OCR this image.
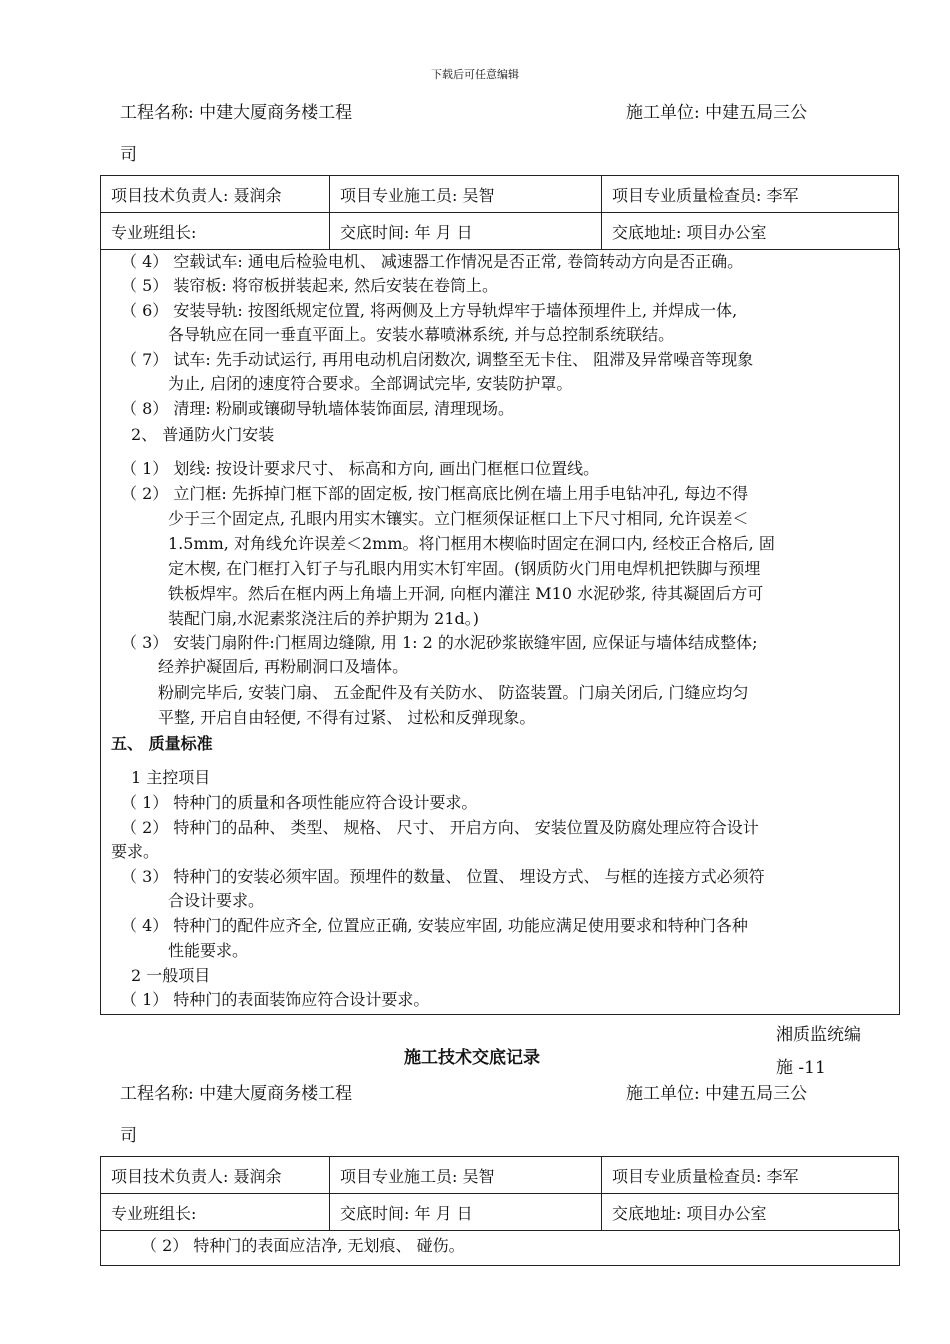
下载后可任意编辑
工程名称: 中建大厦商务楼工程	施工单位: 中建五局三公
司
项目技术负责人: 聂润余	项目专业施工员: 吴智	项目专业质量检查员: 李军
专业班组长:	交底时间: 年 月 日	交底地址: 项目办公室
（ 4） 空载试车: 通电后检验电机、 减速器工作情况是否正常, 卷筒转动方向是否正确。
（ 5） 装帘板: 将帘板拼装起来, 然后安装在卷筒上。
（ 6） 安装导轨: 按图纸规定位置, 将两侧及上方导轨焊牢于墙体预埋件上, 并焊成一体,
各导轨应在同一垂直平面上。安装水幕喷淋系统, 并与总控制系统联结。
（ 7） 试车: 先手动试运行, 再用电动机启闭数次, 调整至无卡住、 阻滞及异常噪音等现象
为止, 启闭的速度符合要求。全部调试完毕, 安装防护罩。
（ 8） 清理: 粉刷或镶砌导轨墙体装饰面层, 清理现场。
2、 普通防火门安装
（ 1） 划线: 按设计要求尺寸、 标高和方向, 画出门框框口位置线。
（ 2） 立门框: 先拆掉门框下部的固定板, 按门框高底比例在墙上用手电钻冲孔, 每边不得
少于三个固定点, 孔眼内用实木镶实。立门框须保证框口上下尺寸相同, 允许误差＜
1.5mm, 对角线允许误差＜2mm。将门框用木楔临时固定在洞口内, 经校正合格后, 固
定木楔, 在门框打入钉子与孔眼内用实木钉牢固。(钢质防火门用电焊机把铁脚与预埋
铁板焊牢。然后在框内两上角墙上开洞, 向框内灌注 M10 水泥砂浆, 待其凝固后方可
装配门扇,水泥素浆浇注后的养护期为 21d。)
（ 3） 安装门扇附件:门框周边缝隙, 用 1: 2 的水泥砂浆嵌缝牢固, 应保证与墙体结成整体;
经养护凝固后, 再粉刷洞口及墙体。
粉刷完毕后, 安装门扇、 五金配件及有关防水、 防盗装置。门扇关闭后, 门缝应均匀
平整, 开启自由轻便, 不得有过紧、 过松和反弹现象。
五、 质量标准
1 主控项目
（ 1） 特种门的质量和各项性能应符合设计要求。
（ 2） 特种门的品种、 类型、 规格、 尺寸、 开启方向、 安装位置及防腐处理应符合设计
要求。
（ 3） 特种门的安装必须牢固。预埋件的数量、 位置、 埋设方式、 与框的连接方式必须符
合设计要求。
（ 4） 特种门的配件应齐全, 位置应正确, 安装应牢固, 功能应满足使用要求和特种门各种
性能要求。
2 一般项目
（ 1） 特种门的表面装饰应符合设计要求。
湘质监统编
施工技术交底记录	施 -11
工程名称: 中建大厦商务楼工程	施工单位: 中建五局三公
司
项目技术负责人: 聂润余	项目专业施工员: 吴智	项目专业质量检查员: 李军
专业班组长:	交底时间: 年 月 日	交底地址: 项目办公室
（ 2） 特种门的表面应洁净, 无划痕、 碰伤。
